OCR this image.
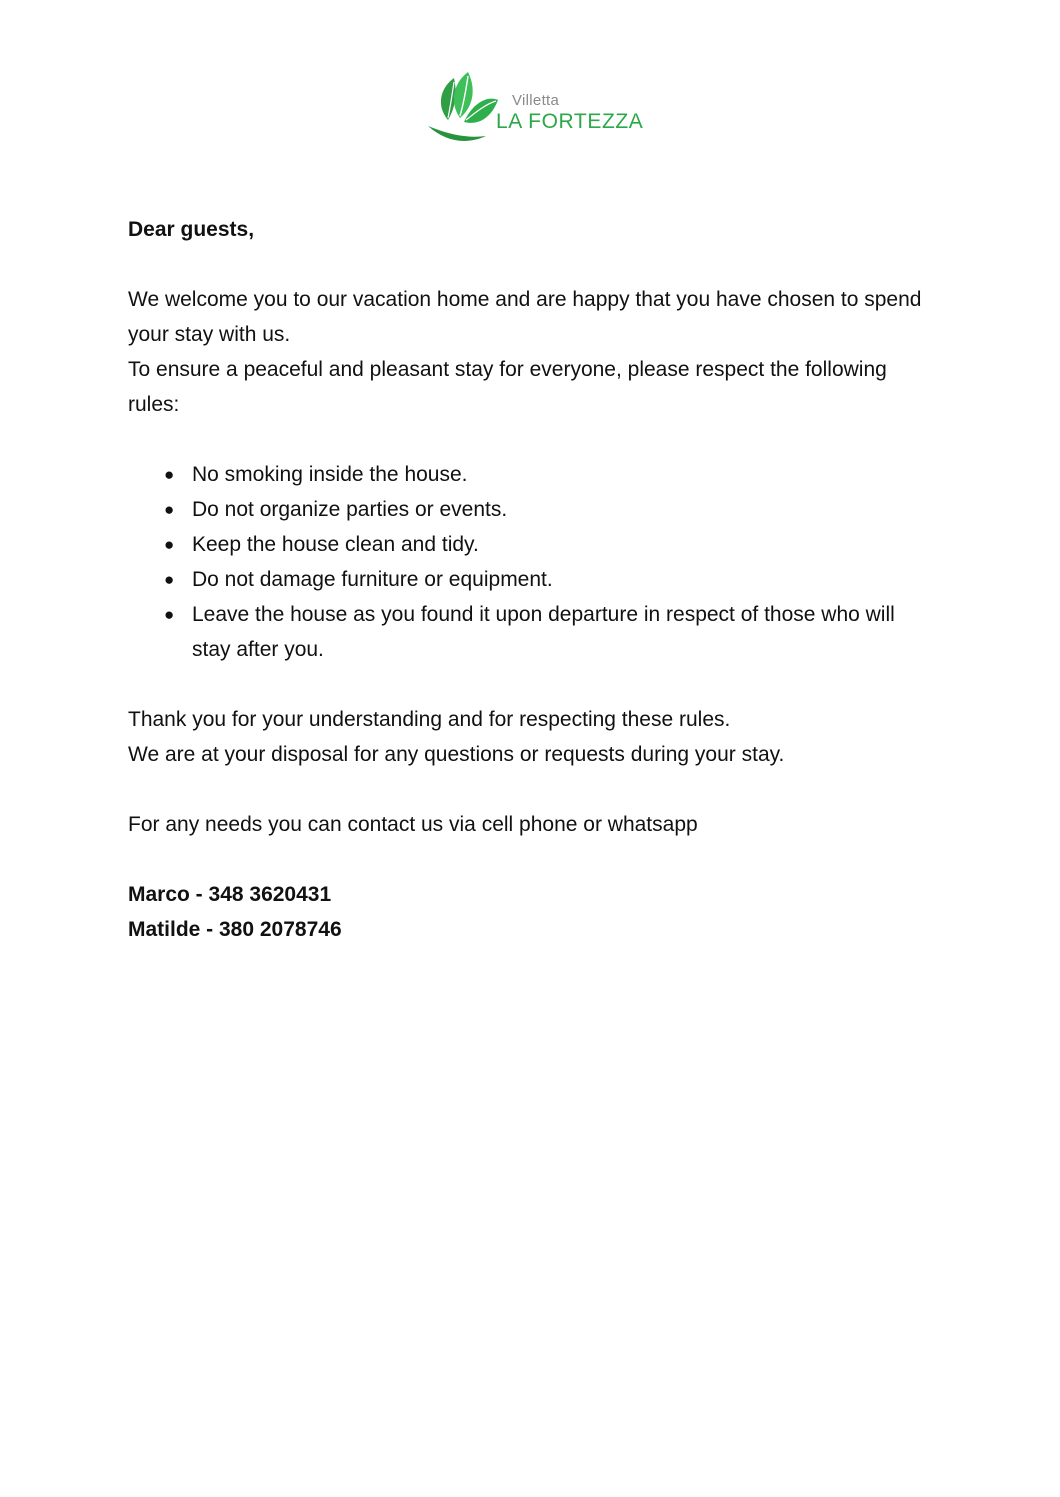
Villetta
LA FORTEZZA

Dear guests,

We welcome you to our vacation home and are happy that you have chosen to spend your stay with us.

To ensure a peaceful and pleasant stay for everyone, please respect the following rules:

● No smoking inside the house.
● Do not organize parties or events.
● Keep the house clean and tidy.
● Do not damage furniture or equipment.
● Leave the house as you found it upon departure in respect of those who will stay after you.

Thank you for your understanding and for respecting these rules.

We are at your disposal for any questions or requests during your stay.

For any needs you can contact us via cell phone or whatsapp

Marco - 348 3620431
Matilde - 380 2078746
